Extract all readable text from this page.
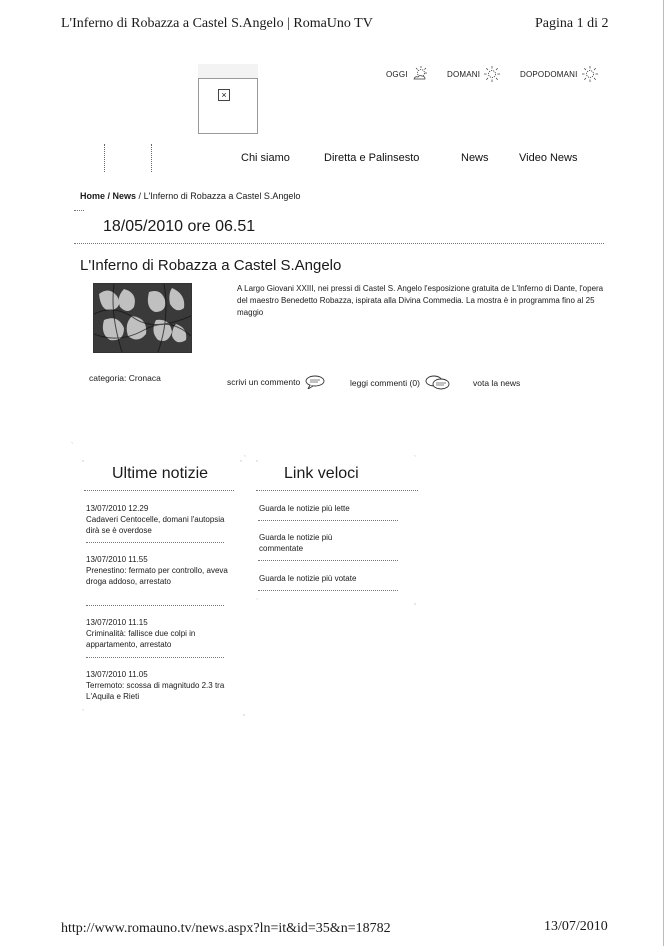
L'Inferno di Robazza a Castel S.Angelo | RomaUno TV	Pagina 1 di 2
×
OGGI	DOMANI	DOPODOMANI
Chi siamo	Diretta e Palinsesto	News	Video News
Home / News / L'Inferno di Robazza a Castel S.Angelo
18/05/2010 ore 06.51
L'Inferno di Robazza a Castel S.Angelo
A Largo Giovani XXIII, nei pressi di Castel S. Angelo l'esposizione gratuita de L'Inferno di Dante, l'opera del maestro Benedetto Robazza, ispirata alla Divina Commedia. La mostra è in programma fino al 25 maggio
categoria: Cronaca	scrivi un commento	leggi commenti (0)	vota la news
`
,	, ` ,	`
Ultime notizie
13/07/2010 12.29
Cadaveri Centocelle, domani l'autopsia dirà se è overdose
13/07/2010 11.55
Prenestino: fermato per controllo, aveva droga addoso, arrestato
13/07/2010 11.15
Criminalità: fallisce due colpi in appartamento, arrestato
13/07/2010 11.05
Terremoto: scossa di magnitudo 2.3 tra L'Aquila e Rieti
`	,
Link veloci
Guarda le notizie più lette
Guarda le notizie più commentate
Guarda le notizie più votate
`	,
http://www.romauno.tv/news.aspx?ln=it&id=35&n=18782	13/07/2010
